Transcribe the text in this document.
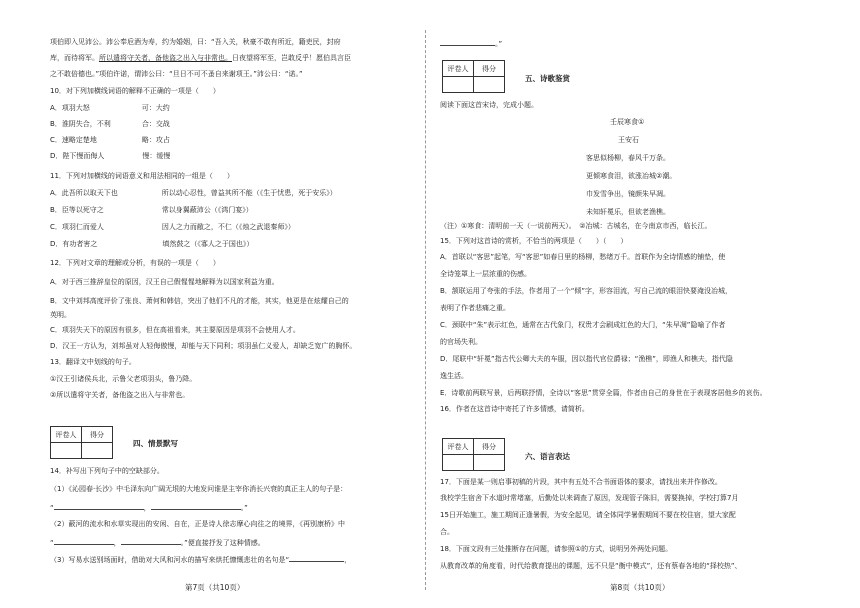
项伯即入见沛公。沛公奉卮酒为寿，约为婚姻，曰：“吾入关，秋豪不敢有所近，籍吏民，封府
库，而待将军。所以遣将守关者，备他盗之出入与非常也。日夜望将军至，岂敢反乎！愿伯具言臣
之不敢倍德也。”项伯许诺，谓沛公曰：“旦日不可不蚤自来谢项王。”沛公曰：“诺。”
10．对下列加横线词语的解释不正确的一项是（　　）
A．项羽大怒	可：大约
B．淮阴失合，不利	合：交战
C．速略定楚地	略：攻占
D．陛下慢而侮人	慢：缓慢
11．下列对加横线的词语意义和用法相同的一组是（　　）
A．此吾所以取天下也	所以动心忍性，曾益其所不能（《生于忧患，死于安乐》）
B．臣等以死守之	常以身翼蔽沛公（《鸿门宴》）
C．项羽仁而爱人	因人之力而敝之，不仁（《烛之武退秦师》）
D．有功者害之	填然鼓之（《寡人之于国也》）
12．下列对文章的理解或分析，有误的一项是（　　）
A．对于西三推辞皇位的原因，汉王自己假惺惺地解释为以国家利益为重。
B．文中刘邦高度评价了张良、萧何和韩信，突出了他们不凡的才能，其实，他更是在炫耀自己的
英明。
C．项羽失天下的原因有很多，但在高祖看来，其主要原因是项羽不会使用人才。
D．汉王一方认为，刘邦虽对人轻侮傲慢，却能与天下同利；项羽虽仁义爱人，却缺乏宽广的胸怀。
13．翻译文中划线的句子。
①汉王引诸侯兵北，示鲁父老项羽头，鲁乃降。
②所以遣将守关者，备他盗之出入与非常也。
评卷人	得分

四、情景默写
14．补写出下列句子中的空缺部分。
（1）《沁园春·长沙》中毛泽东向广阔无垠的大地发问谁是主宰你消长兴衰的真正主人的句子是：
“	，	。”
（2）蔽河的流水和水草实现出的安闲、自在，正是诗人徐志摩心向往之的境界，《再别康桥》中
“	，	。”便直接抒发了这种情感。
（3）写易水送别场面时，借助对大风和河水的描写来烘托慷慨悲壮的名句是“	，
第7页（共10页）
。”
评卷人	得分

五、诗歌鉴赏
阅读下面这首宋诗，完成小题。
壬辰寒食①
王安石
客思似杨柳，春风千万条。
更倾寒食泪，欲涨冶城②潮。
巾发雪争出，镜颜朱早凋。
未知轩冕乐，但欲老渔樵。
（注）①寒食：清明前一天（一说前两天）。　②冶城：古城名，在今南京市西，临长江。
15．下列对这首诗的赏析，不恰当的两项是（　　）（　　）
A．首联以“客思”起笔，写“客思”如春日里的杨柳，愁绪万千。首联作为全诗情感的铺垫，使
全诗笼罩上一层浓重的伤感。
B．颔联运用了夸张的手法，作者用了一个“倾”字，形容泪流，写自己流的眼泪快要淹没冶城，
表明了作者悲痛之重。
C．颈联中“朱”表示红色，通常在古代象门，权贵才会刷成红色的大门，“朱早凋”隐喻了作者
的官场失利。
D．尾联中“轩冕”指古代公卿大夫的车服，因以指代官位爵禄；“渔樵”，即渔人和樵夫，指代隐
逸生活。
E．诗歌前两联写景，后两联抒情，全诗以“客思”贯穿全篇，作者由自己的身世在于表现客居他乡的哀伤。
16．作者在这首诗中寄托了许多情感，请简析。
评卷人	得分

六、语言表达
17．下面是某一则启事初稿的片段，其中有五处不合书面语体的要求，请找出来并作修改。
我校学生宿舍下水道时常堵塞，后勤处以来调查了原因，发现管子陈旧，需要换掉，学校打算7月
15日开始施工，施工期间正逢暑假，为安全起见，请全体同学暑假期间不要在校住宿，望大家配
合。
18．下面文段有三处推断存在问题，请参照①的方式，说明另外两处问题。
从教育改革的角度看，时代给教育提出的课题，远不只是“衡中模式”，还有蔡春各地的“择校热”、
第8页（共10页）
